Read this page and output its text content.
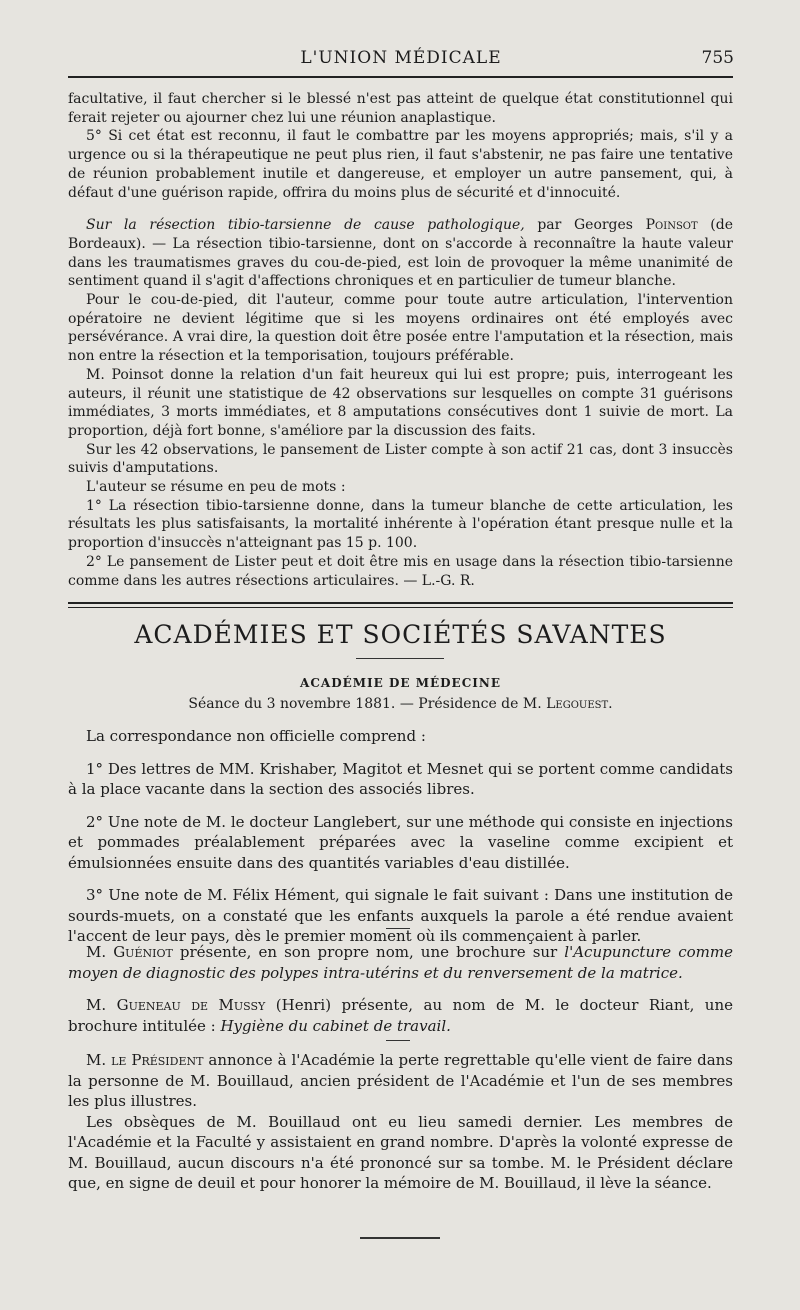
L'UNION MÉDICALE	755

facultative, il faut chercher si le blessé n'est pas atteint de quelque état constitutionnel qui ferait rejeter ou ajourner chez lui une réunion anaplastique.

5° Si cet état est reconnu, il faut le combattre par les moyens appropriés; mais, s'il y a urgence ou si la thérapeutique ne peut plus rien, il faut s'abstenir, ne pas faire une tentative de réunion probablement inutile et dangereuse, et employer un autre pansement, qui, à défaut d'une guérison rapide, offrira du moins plus de sécurité et d'innocuité.

Sur la résection tibio-tarsienne de cause pathologique, par Georges Poinsot (de Bordeaux). — La résection tibio-tarsienne, dont on s'accorde à reconnaître la haute valeur dans les traumatismes graves du cou-de-pied, est loin de provoquer la même unanimité de sentiment quand il s'agit d'affections chroniques et en particulier de tumeur blanche.

Pour le cou-de-pied, dit l'auteur, comme pour toute autre articulation, l'intervention opératoire ne devient légitime que si les moyens ordinaires ont été employés avec persévérance. A vrai dire, la question doit être posée entre l'amputation et la résection, mais non entre la résection et la temporisation, toujours préférable.

M. Poinsot donne la relation d'un fait heureux qui lui est propre; puis, interrogeant les auteurs, il réunit une statistique de 42 observations sur lesquelles on compte 31 guérisons immédiates, 3 morts immédiates, et 8 amputations consécutives dont 1 suivie de mort. La proportion, déjà fort bonne, s'améliore par la discussion des faits.

Sur les 42 observations, le pansement de Lister compte à son actif 21 cas, dont 3 insuccès suivis d'amputations.

L'auteur se résume en peu de mots :

1° La résection tibio-tarsienne donne, dans la tumeur blanche de cette articulation, les résultats les plus satisfaisants, la mortalité inhérente à l'opération étant presque nulle et la proportion d'insuccès n'atteignant pas 15 p. 100.

2° Le pansement de Lister peut et doit être mis en usage dans la résection tibio-tarsienne comme dans les autres résections articulaires. — L.-G. R.

ACADÉMIES ET SOCIÉTÉS SAVANTES
ACADÉMIE DE MÉDECINE
Séance du 3 novembre 1881. — Présidence de M. Legouest.

La correspondance non officielle comprend :

1° Des lettres de MM. Krishaber, Magitot et Mesnet qui se portent comme candidats à la place vacante dans la section des associés libres.

2° Une note de M. le docteur Langlebert, sur une méthode qui consiste en injections et pommades préalablement préparées avec la vaseline comme excipient et émulsionnées ensuite dans des quantités variables d'eau distillée.

3° Une note de M. Félix Hément, qui signale le fait suivant : Dans une institution de sourds-muets, on a constaté que les enfants auxquels la parole a été rendue avaient l'accent de leur pays, dès le premier moment où ils commençaient à parler.

M. Guéniot présente, en son propre nom, une brochure sur l'Acupuncture comme moyen de diagnostic des polypes intra-utérins et du renversement de la matrice.

M. Gueneau de Mussy (Henri) présente, au nom de M. le docteur Riant, une brochure intitulée : Hygiène du cabinet de travail.

M. le Président annonce à l'Académie la perte regrettable qu'elle vient de faire dans la personne de M. Bouillaud, ancien président de l'Académie et l'un de ses membres les plus illustres.

Les obsèques de M. Bouillaud ont eu lieu samedi dernier. Les membres de l'Académie et la Faculté y assistaient en grand nombre. D'après la volonté expresse de M. Bouillaud, aucun discours n'a été prononcé sur sa tombe. M. le Président déclare que, en signe de deuil et pour honorer la mémoire de M. Bouillaud, il lève la séance.
